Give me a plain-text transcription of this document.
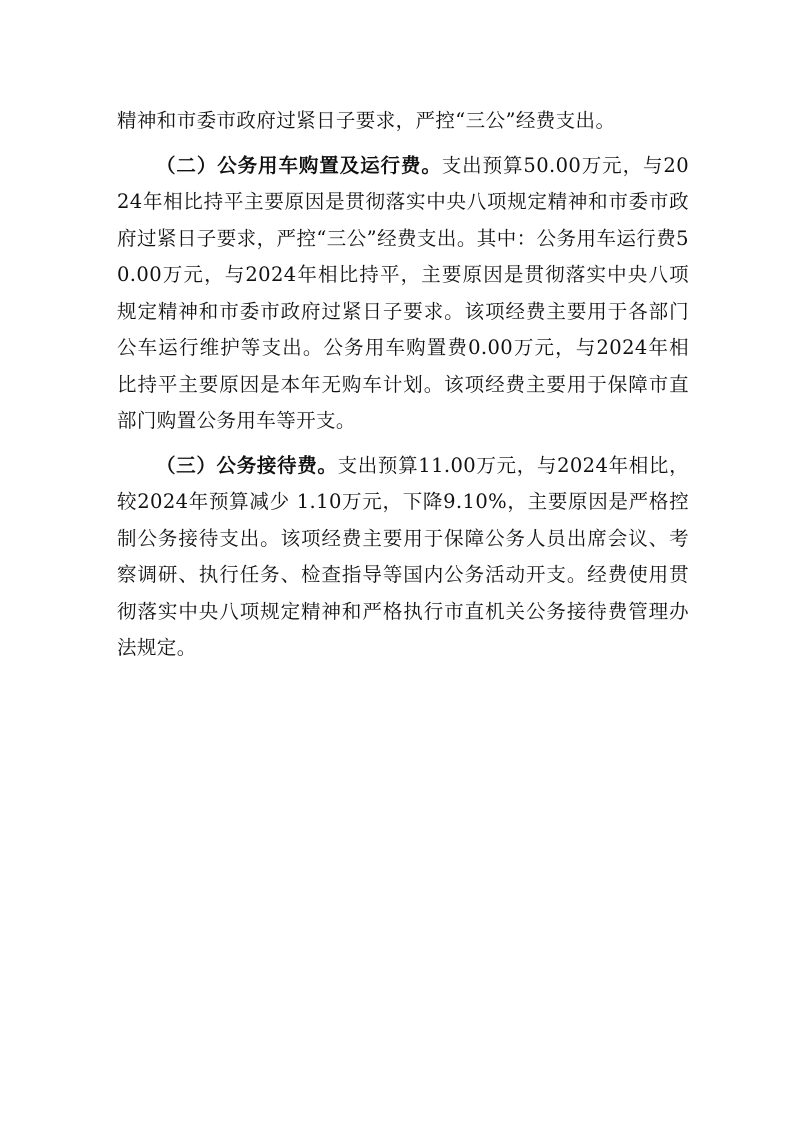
精神和市委市政府过紧日子要求，严控“三公”经费支出。

（二）公务用车购置及运行费。支出预算50.00万元，与2024年相比持平主要原因是贯彻落实中央八项规定精神和市委市政府过紧日子要求，严控“三公”经费支出。其中：公务用车运行费50.00万元，与2024年相比持平，主要原因是贯彻落实中央八项规定精神和市委市政府过紧日子要求。该项经费主要用于各部门公车运行维护等支出。公务用车购置费0.00万元，与2024年相比持平主要原因是本年无购车计划。该项经费主要用于保障市直部门购置公务用车等开支。

（三）公务接待费。支出预算11.00万元，与2024年相比，较2024年预算减少 1.10万元，下降9.10%，主要原因是严格控制公务接待支出。该项经费主要用于保障公务人员出席会议、考察调研、执行任务、检查指导等国内公务活动开支。经费使用贯彻落实中央八项规定精神和严格执行市直机关公务接待费管理办法规定。
